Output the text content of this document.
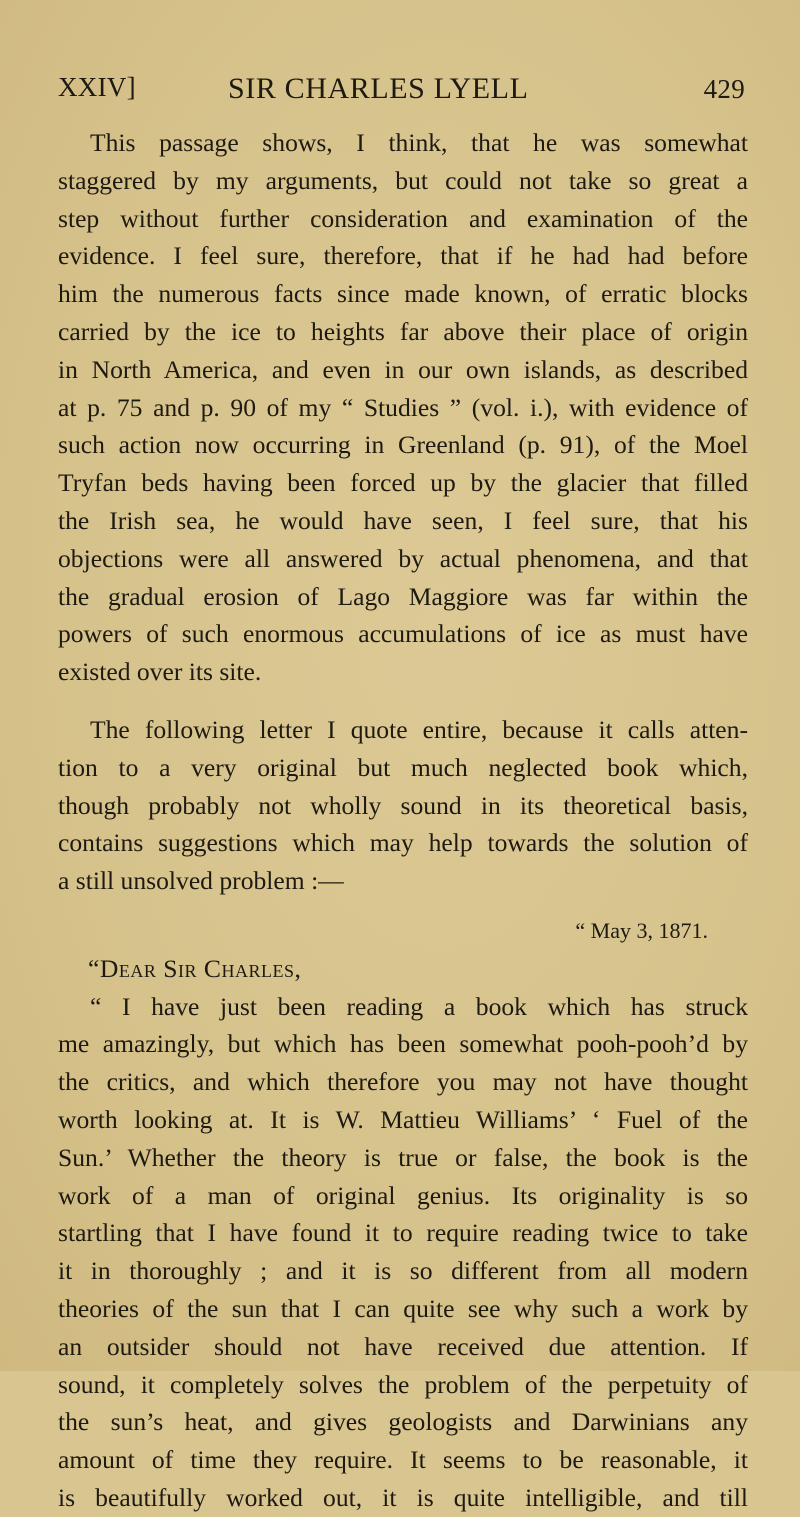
XXIV]	SIR CHARLES LYELL	429
This passage shows, I think, that he was somewhat
staggered by my arguments, but could not take so great a
step without further consideration and examination of the
evidence. I feel sure, therefore, that if he had had before
him the numerous facts since made known, of erratic blocks
carried by the ice to heights far above their place of origin
in North America, and even in our own islands, as described
at p. 75 and p. 90 of my “ Studies ” (vol. i.), with evidence of
such action now occurring in Greenland (p. 91), of the Moel
Tryfan beds having been forced up by the glacier that filled
the Irish sea, he would have seen, I feel sure, that his
objections were all answered by actual phenomena, and that
the gradual erosion of Lago Maggiore was far within the
powers of such enormous accumulations of ice as must have
existed over its site.
The following letter I quote entire, because it calls atten-
tion to a very original but much neglected book which,
though probably not wholly sound in its theoretical basis,
contains suggestions which may help towards the solution of
a still unsolved problem :—
“ May 3, 1871.
“Dear Sir Charles,
“ I have just been reading a book which has struck
me amazingly, but which has been somewhat pooh-pooh’d by
the critics, and which therefore you may not have thought
worth looking at. It is W. Mattieu Williams’ ‘ Fuel of the
Sun.’ Whether the theory is true or false, the book is the
work of a man of original genius. Its originality is so
startling that I have found it to require reading twice to take
it in thoroughly ; and it is so different from all modern
theories of the sun that I can quite see why such a work by
an outsider should not have received due attention. If
sound, it completely solves the problem of the perpetuity of
the sun’s heat, and gives geologists and Darwinians any
amount of time they require. It seems to be reasonable, it
is beautifully worked out, it is quite intelligible, and till
